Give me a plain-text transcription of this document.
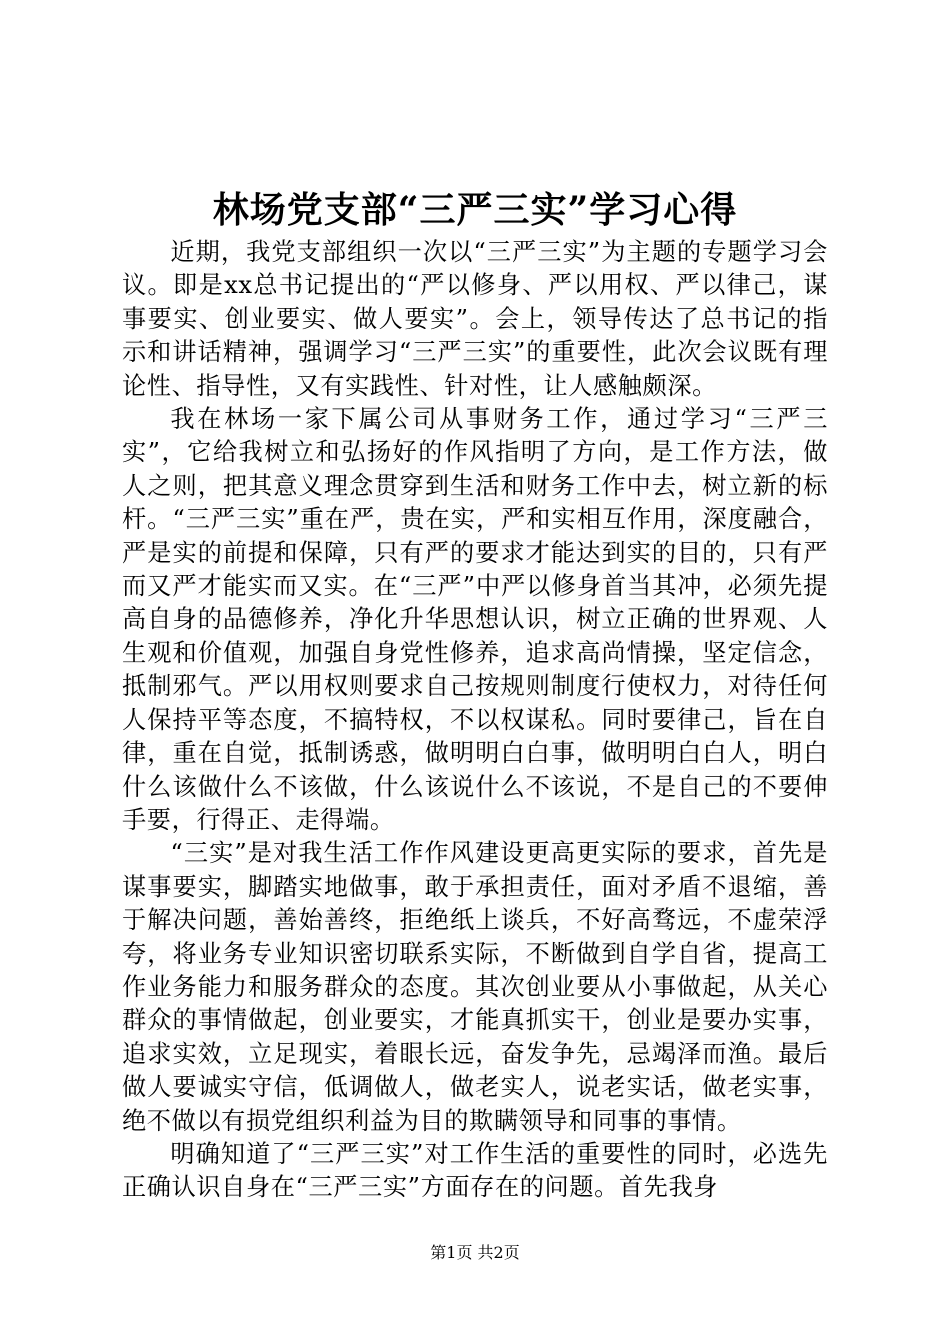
林场党支部“三严三实”学习心得

近期，我党支部组织一次以“三严三实”为主题的专题学习会议。即是xx总书记提出的“严以修身、严以用权、严以律己，谋事要实、创业要实、做人要实”。会上，领导传达了总书记的指示和讲话精神，强调学习“三严三实”的重要性，此次会议既有理论性、指导性，又有实践性、针对性，让人感触颇深。

我在林场一家下属公司从事财务工作，通过学习“三严三实”，它给我树立和弘扬好的作风指明了方向，是工作方法，做人之则，把其意义理念贯穿到生活和财务工作中去，树立新的标杆。“三严三实”重在严，贵在实，严和实相互作用，深度融合，严是实的前提和保障，只有严的要求才能达到实的目的，只有严而又严才能实而又实。在“三严”中严以修身首当其冲，必须先提高自身的品德修养，净化升华思想认识，树立正确的世界观、人生观和价值观，加强自身党性修养，追求高尚情操，坚定信念，抵制邪气。严以用权则要求自己按规则制度行使权力，对待任何人保持平等态度，不搞特权，不以权谋私。同时要律己，旨在自律，重在自觉，抵制诱惑，做明明白白事，做明明白白人，明白什么该做什么不该做，什么该说什么不该说，不是自己的不要伸手要，行得正、走得端。

“三实”是对我生活工作作风建设更高更实际的要求，首先是谋事要实，脚踏实地做事，敢于承担责任，面对矛盾不退缩，善于解决问题，善始善终，拒绝纸上谈兵，不好高骛远，不虚荣浮夸，将业务专业知识密切联系实际，不断做到自学自省，提高工作业务能力和服务群众的态度。其次创业要从小事做起，从关心群众的事情做起，创业要实，才能真抓实干，创业是要办实事，追求实效，立足现实，着眼长远，奋发争先，忌竭泽而渔。最后做人要诚实守信，低调做人，做老实人，说老实话，做老实事，绝不做以有损党组织利益为目的欺瞒领导和同事的事情。

明确知道了“三严三实”对工作生活的重要性的同时，必选先正确认识自身在“三严三实”方面存在的问题。首先我身

第1页 共2页
